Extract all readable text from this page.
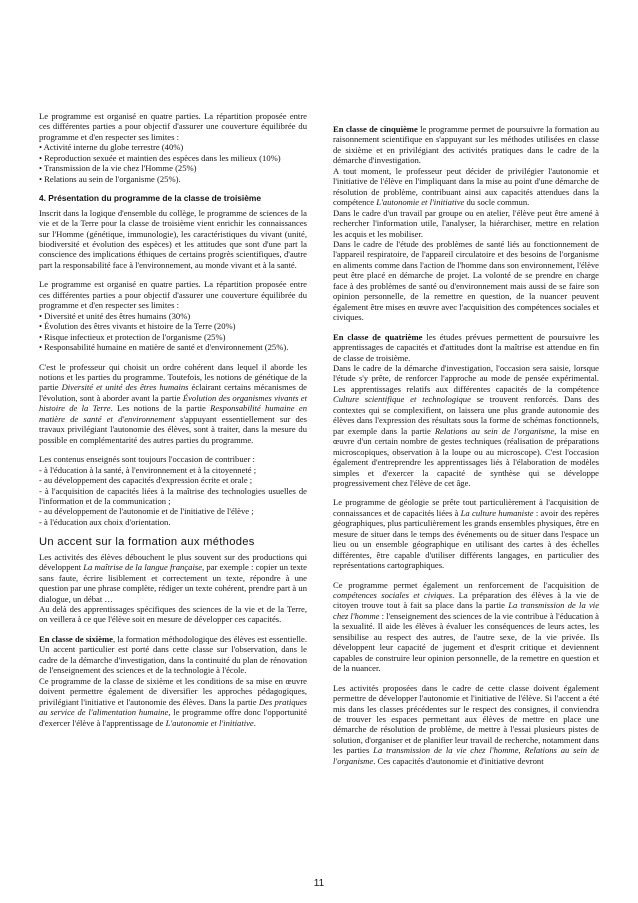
Le programme est organisé en quatre parties. La répartition proposée entre ces différentes parties a pour objectif d'assurer une couverture équilibrée du programme et d'en respecter ses limites :
• Activité interne du globe terrestre (40%)
• Reproduction sexuée et maintien des espèces dans les milieux (10%)
• Transmission de la vie chez l'Homme (25%)
• Relations au sein de l'organisme (25%).

4. Présentation du programme de la classe de troisième

Inscrit dans la logique d'ensemble du collège, le programme de sciences de la vie et de la Terre pour la classe de troisième vient enrichir les connaissances sur l'Homme (génétique, immunologie), les caractéristiques du vivant (unité, biodiversité et évolution des espèces) et les attitudes que sont d'une part la conscience des implications éthiques de certains progrès scientifiques, d'autre part la responsabilité face à l'environnement, au monde vivant et à la santé.

Le programme est organisé en quatre parties. La répartition proposée entre ces différentes parties a pour objectif d'assurer une couverture équilibrée du programme et d'en respecter ses limites :
• Diversité et unité des êtres humains (30%)
• Évolution des êtres vivants et histoire de la Terre (20%)
• Risque infectieux et protection de l'organisme (25%)
• Responsabilité humaine en matière de santé et d'environnement (25%).

C'est le professeur qui choisit un ordre cohérent dans lequel il aborde les notions et les parties du programme. Toutefois, les notions de génétique de la partie Diversité et unité des êtres humains éclairant certains mécanismes de l'évolution, sont à aborder avant la partie Évolution des organismes vivants et histoire de la Terre. Les notions de la partie Responsabilité humaine en matière de santé et d'environnement s'appuyant essentiellement sur des travaux privilégiant l'autonomie des élèves, sont à traiter, dans la mesure du possible en complémentarité des autres parties du programme.

Les contenus enseignés sont toujours l'occasion de contribuer :
- à l'éducation à la santé, à l'environnement et à la citoyenneté ;
- au développement des capacités d'expression écrite et orale ;
- à l'acquisition de capacités liées à la maîtrise des technologies usuelles de l'information et de la communication ;
- au développement de l'autonomie et de l'initiative de l'élève ;
- à l'éducation aux choix d'orientation.

Un accent sur la formation aux méthodes

Les activités des élèves débouchent le plus souvent sur des productions qui développent La maîtrise de la langue française, par exemple : copier un texte sans faute, écrire lisiblement et correctement un texte, répondre à une question par une phrase complète, rédiger un texte cohérent, prendre part à un dialogue, un débat …

Au delà des apprentissages spécifiques des sciences de la vie et de la Terre, on veillera à ce que l'élève soit en mesure de développer ces capacités.

En classe de sixième, la formation méthodologique des élèves est essentielle. Un accent particulier est porté dans cette classe sur l'observation, dans le cadre de la démarche d'investigation, dans la continuité du plan de rénovation de l'enseignement des sciences et de la technologie à l'école.

Ce programme de la classe de sixième et les conditions de sa mise en œuvre doivent permettre également de diversifier les approches pédagogiques, privilégiant l'initiative et l'autonomie des élèves. Dans la partie Des pratiques au service de l'alimentation humaine, le programme offre donc l'opportunité d'exercer l'élève à l'apprentissage de L'autonomie et l'initiative.

En classe de cinquième le programme permet de poursuivre la formation au raisonnement scientifique en s'appuyant sur les méthodes utilisées en classe de sixième et en privilégiant des activités pratiques dans le cadre de la démarche d'investigation.
A tout moment, le professeur peut décider de privilégier l'autonomie et l'initiative de l'élève en l'impliquant dans la mise au point d'une démarche de résolution de problème, contribuant ainsi aux capacités attendues dans la compétence L'autonomie et l'initiative du socle commun.
Dans le cadre d'un travail par groupe ou en atelier, l'élève peut être amené à rechercher l'information utile, l'analyser, la hiérarchiser, mettre en relation les acquis et les mobiliser.
Dans le cadre de l'étude des problèmes de santé liés au fonctionnement de l'appareil respiratoire, de l'appareil circulatoire et des besoins de l'organisme en aliments comme dans l'action de l'homme dans son environnement, l'élève peut être placé en démarche de projet. La volonté de se prendre en charge face à des problèmes de santé ou d'environnement mais aussi de se faire son opinion personnelle, de la remettre en question, de la nuancer peuvent également être mises en œuvre avec l'acquisition des compétences sociales et civiques.

En classe de quatrième les études prévues permettent de poursuivre les apprentissages de capacités et d'attitudes dont la maîtrise est attendue en fin de classe de troisième.
Dans le cadre de la démarche d'investigation, l'occasion sera saisie, lorsque l'étude s'y prête, de renforcer l'approche au mode de pensée expérimental. Les apprentissages relatifs aux différentes capacités de la compétence Culture scientifique et technologique se trouvent renforcés. Dans des contextes qui se complexifient, on laissera une plus grande autonomie des élèves dans l'expression des résultats sous la forme de schémas fonctionnels, par exemple dans la partie Relations au sein de l'organisme, la mise en œuvre d'un certain nombre de gestes techniques (réalisation de préparations microscopiques, observation à la loupe ou au microscope). C'est l'occasion également d'entreprendre les apprentissages liés à l'élaboration de modèles simples et d'exercer la capacité de synthèse qui se développe progressivement chez l'élève de cet âge.

Le programme de géologie se prête tout particulièrement à l'acquisition de connaissances et de capacités liées à La culture humaniste : avoir des repères géographiques, plus particulièrement les grands ensembles physiques, être en mesure de situer dans le temps des événements ou de situer dans l'espace un lieu ou un ensemble géographique en utilisant des cartes à des échelles différentes, être capable d'utiliser différents langages, en particulier des représentations cartographiques.

Ce programme permet également un renforcement de l'acquisition de compétences sociales et civiques. La préparation des élèves à la vie de citoyen trouve tout à fait sa place dans la partie La transmission de la vie chez l'homme : l'enseignement des sciences de la vie contribue à l'éducation à la sexualité. Il aide les élèves à évaluer les conséquences de leurs actes, les sensibilise au respect des autres, de l'autre sexe, de la vie privée. Ils développent leur capacité de jugement et d'esprit critique et deviennent capables de construire leur opinion personnelle, de la remettre en question et de la nuancer.

Les activités proposées dans le cadre de cette classe doivent également permettre de développer l'autonomie et l'initiative de l'élève. Si l'accent a été mis dans les classes précédentes sur le respect des consignes, il conviendra de trouver les espaces permettant aux élèves de mettre en place une démarche de résolution de problème, de mettre à l'essai plusieurs pistes de solution, d'organiser et de planifier leur travail de recherche, notamment dans les parties La transmission de la vie chez l'homme, Relations au sein de l'organisme. Ces capacités d'autonomie et d'initiative devront

11
